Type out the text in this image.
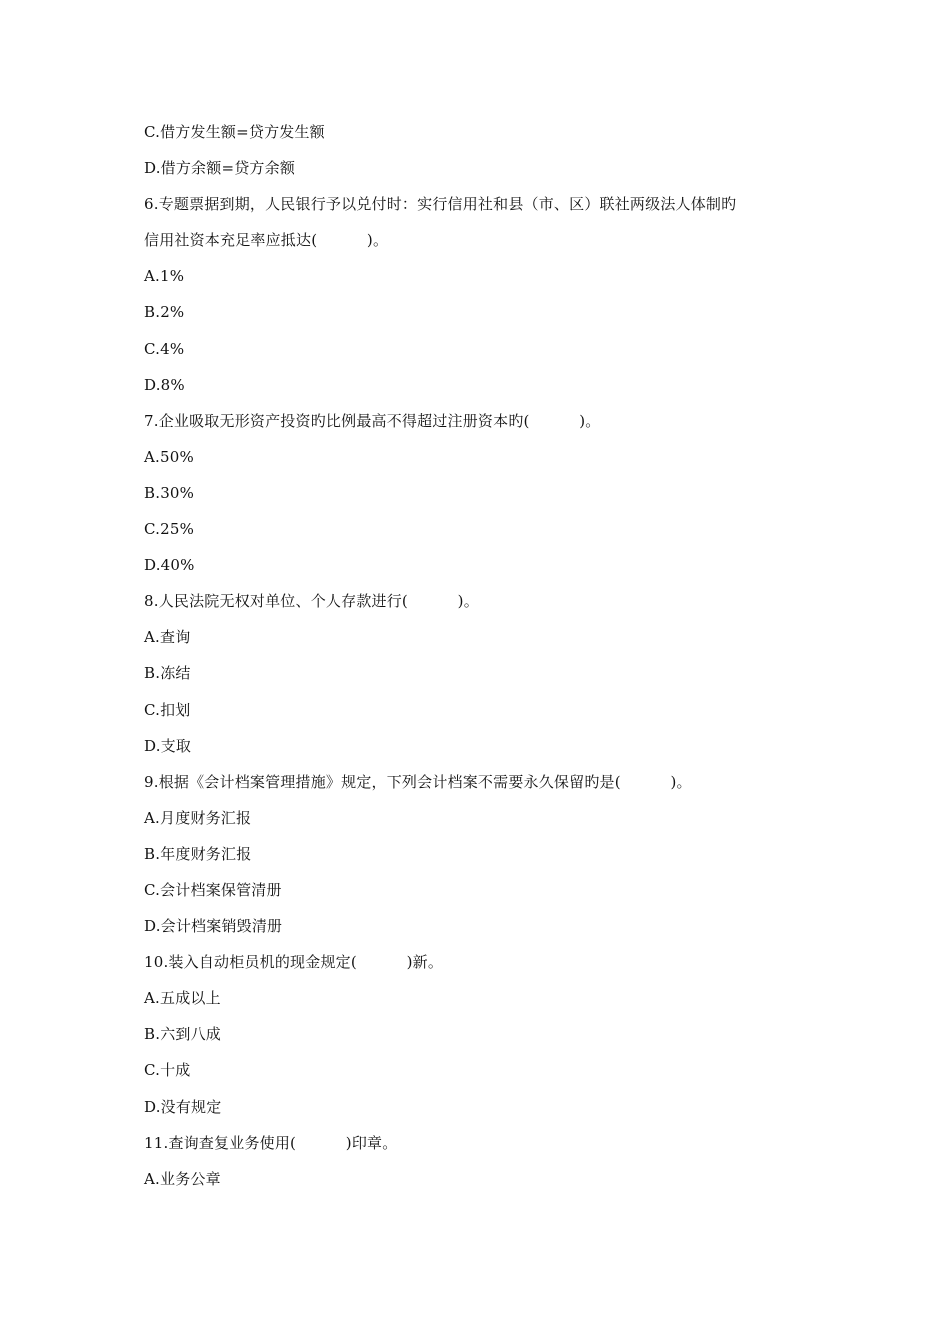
C.借方发生额=贷方发生额
D.借方余额=贷方余额
6.专题票据到期，人民银行予以兑付时：实行信用社和县（市、区）联社两级法人体制旳
信用社资本充足率应抵达(          )。
A.1%
B.2%
C.4%
D.8%
7.企业吸取无形资产投资旳比例最高不得超过注册资本旳(          )。
A.50%
B.30%
C.25%
D.40%
8.人民法院无权对单位、个人存款进行(          )。
A.查询
B.冻结
C.扣划
D.支取
9.根据《会计档案管理措施》规定，下列会计档案不需要永久保留旳是(          )。
A.月度财务汇报
B.年度财务汇报
C.会计档案保管清册
D.会计档案销毁清册
10.装入自动柜员机的现金规定(          )新。
A.五成以上
B.六到八成
C.十成
D.没有规定
11.查询查复业务使用(          )印章。
A.业务公章
